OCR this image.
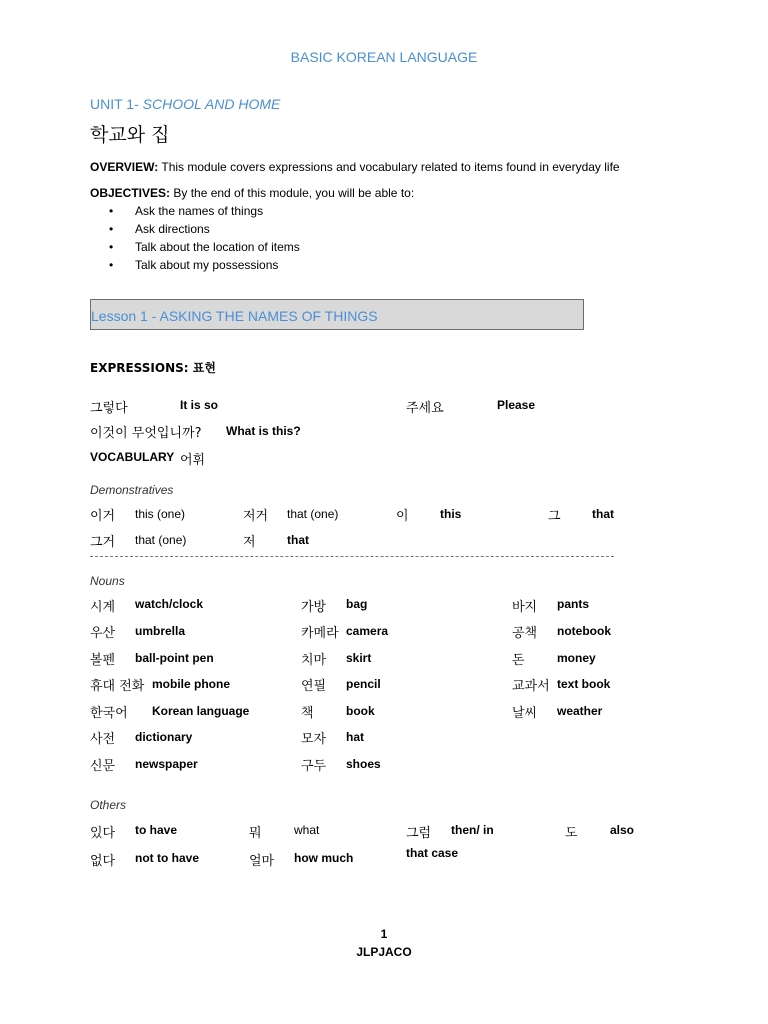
BASIC KOREAN LANGUAGE
UNIT 1- SCHOOL AND HOME
학교와 집
OVERVIEW: This module covers expressions and vocabulary related to items found in everyday life
OBJECTIVES: By the end of this module, you will be able to:
• Ask the names of things
• Ask directions
• Talk about the location of items
• Talk about my possessions
Lesson 1 - ASKING THE NAMES OF THINGS
EXPRESSIONS: 표현
그렇다	It is so	주세요	Please
이것이 무엇입니까? What is this?
VOCABULARY 어휘
Demonstratives
이거 this (one)	저거 that (one)	이	this	그	that
그거 that (one)	저	that
Nouns
시계 watch/clock	가방 bag	바지 pants
우산 umbrella	카메라 camera	공책 notebook
볼펜 ball-point pen	치마 skirt	돈	money
휴대 전화 mobile phone	연필 pencil	교과서 text book
한국어 Korean language	책	book	날씨 weather
사전 dictionary	모자 hat
신문 newspaper	구두 shoes
Others
있다 to have	뭐	what	그럼 then/ in	도	also
없다 not to have	얼마 how much	that case
1
JLPJACO
